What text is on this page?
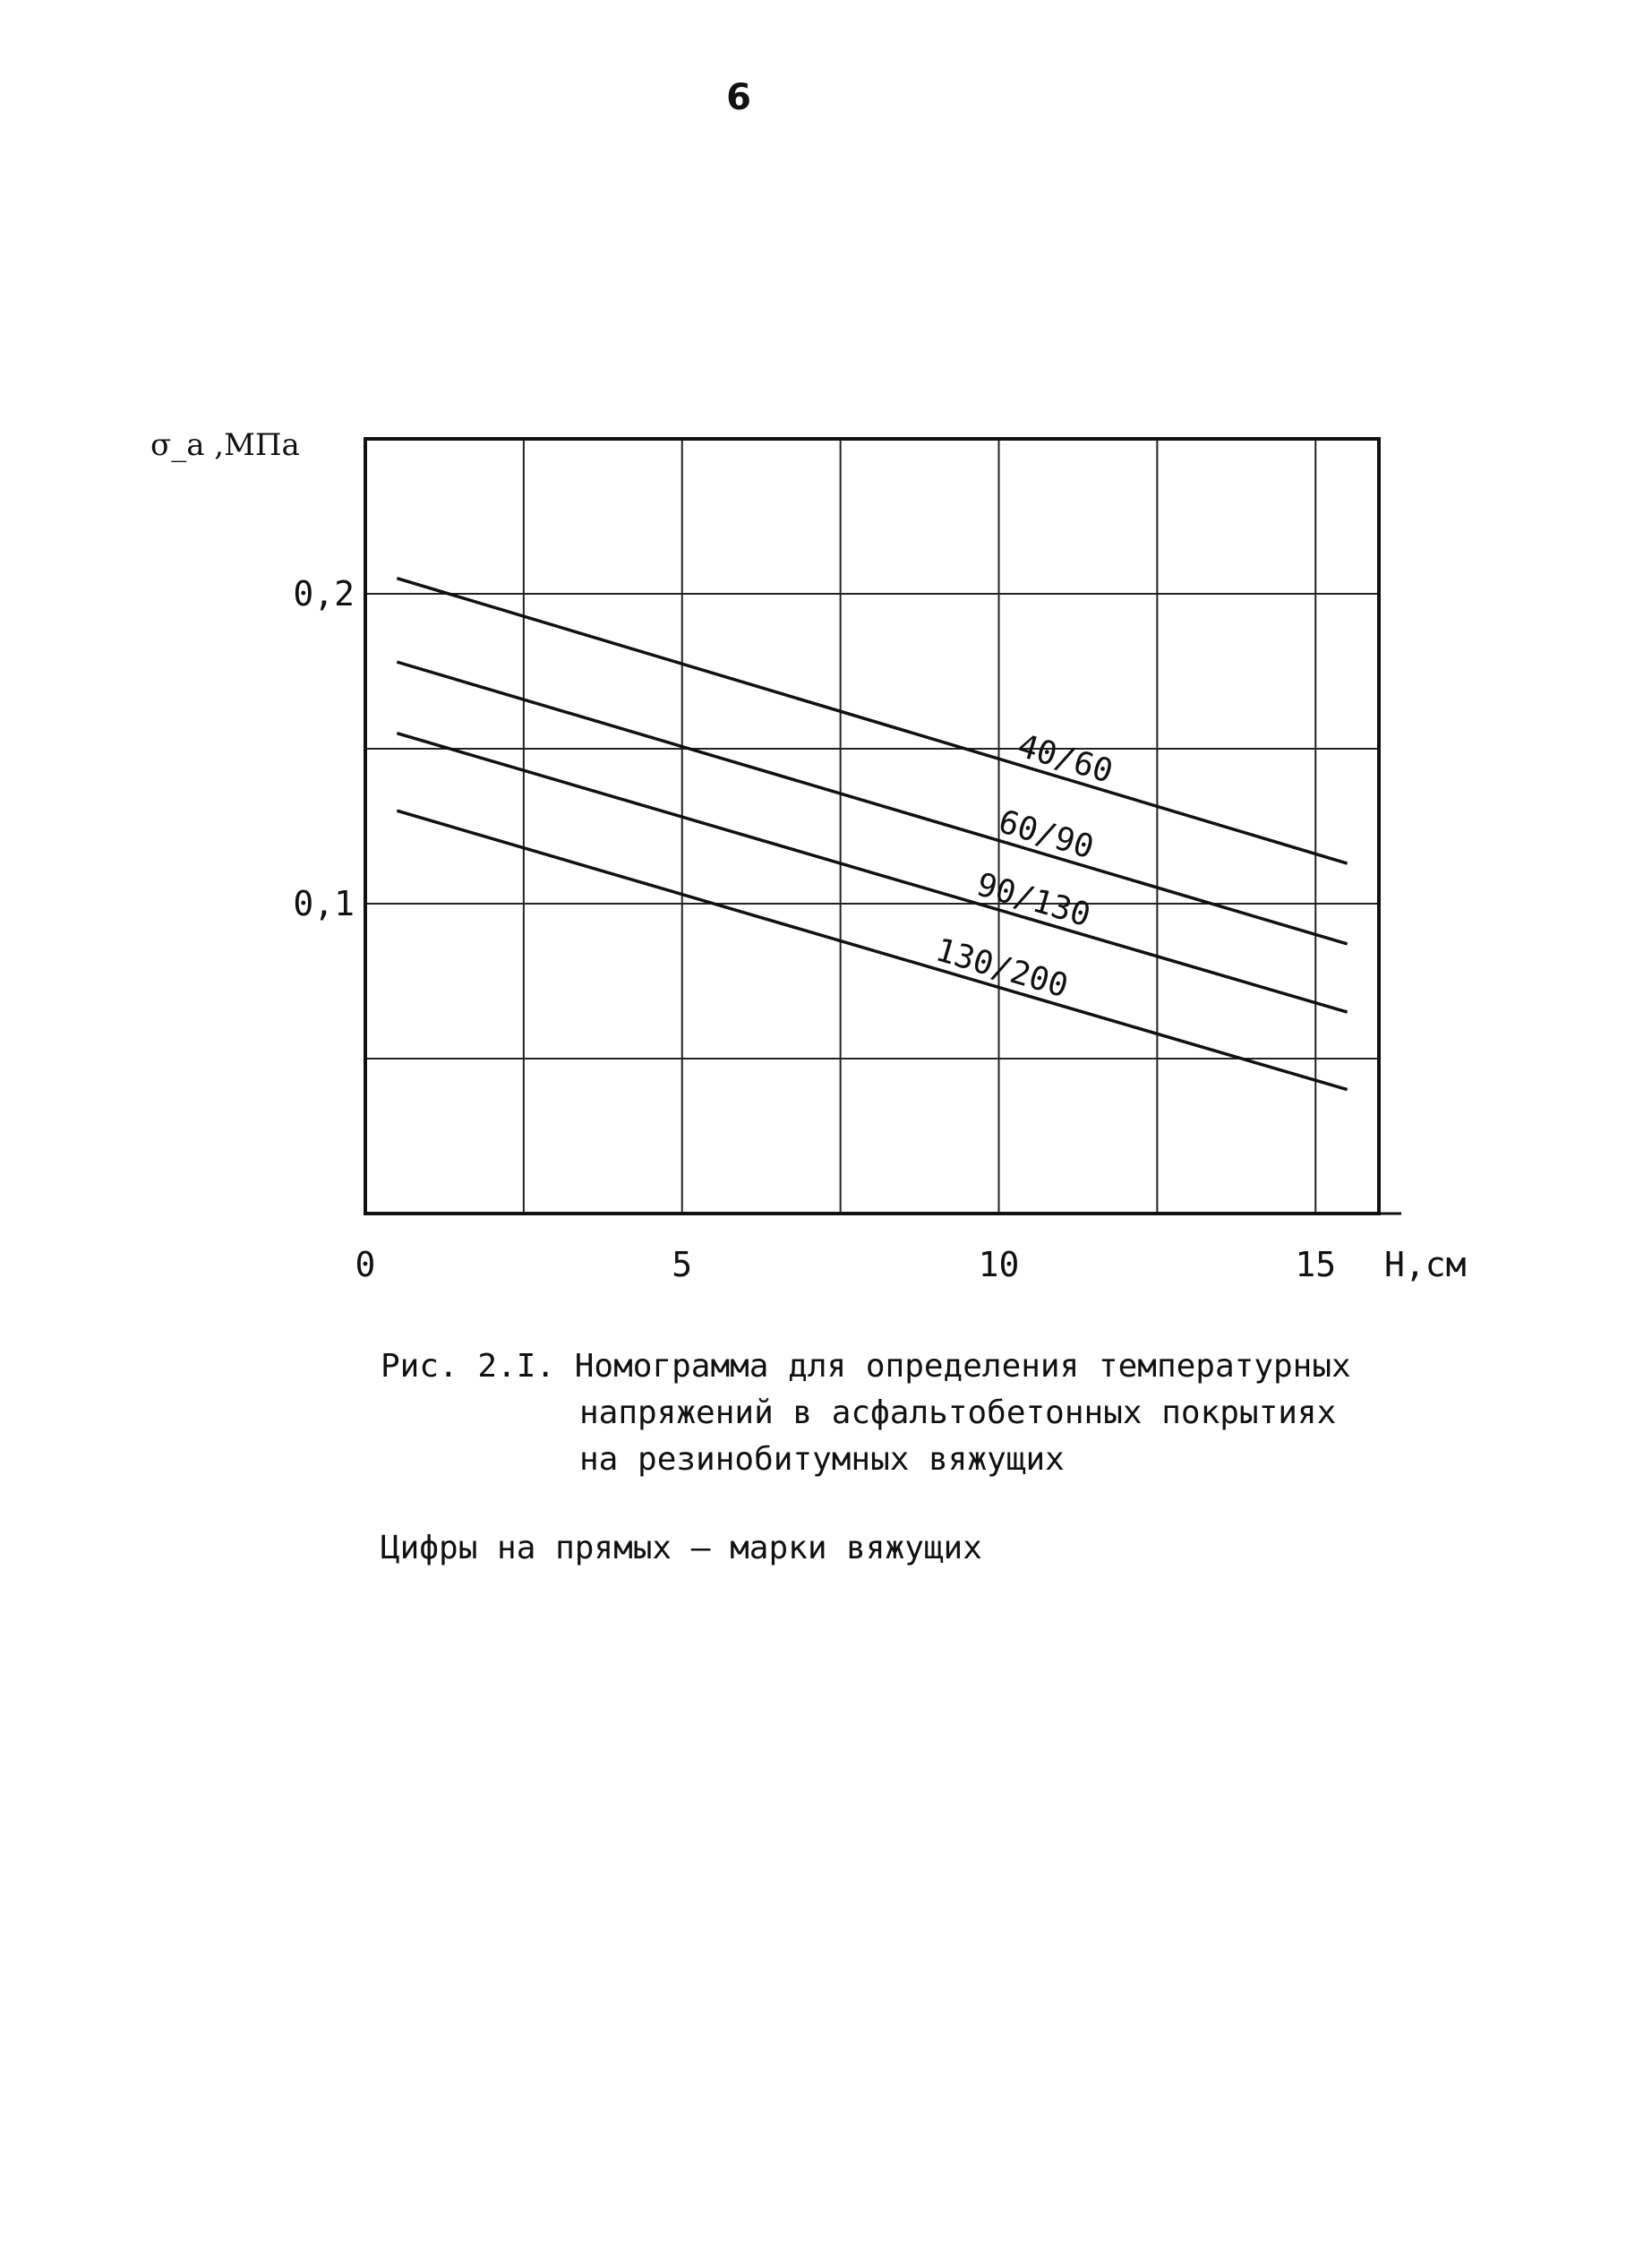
6
0	5	10	15
0,1
0,2
40/60
60/90
90/130
130/200
σ_a ,МПа
Н,см
Рис. 2.I. Номограмма для определения температурных
напряжений в асфальтобетонных покрытиях
на резинобитумных вяжущих
Цифры на прямых – марки вяжущих
